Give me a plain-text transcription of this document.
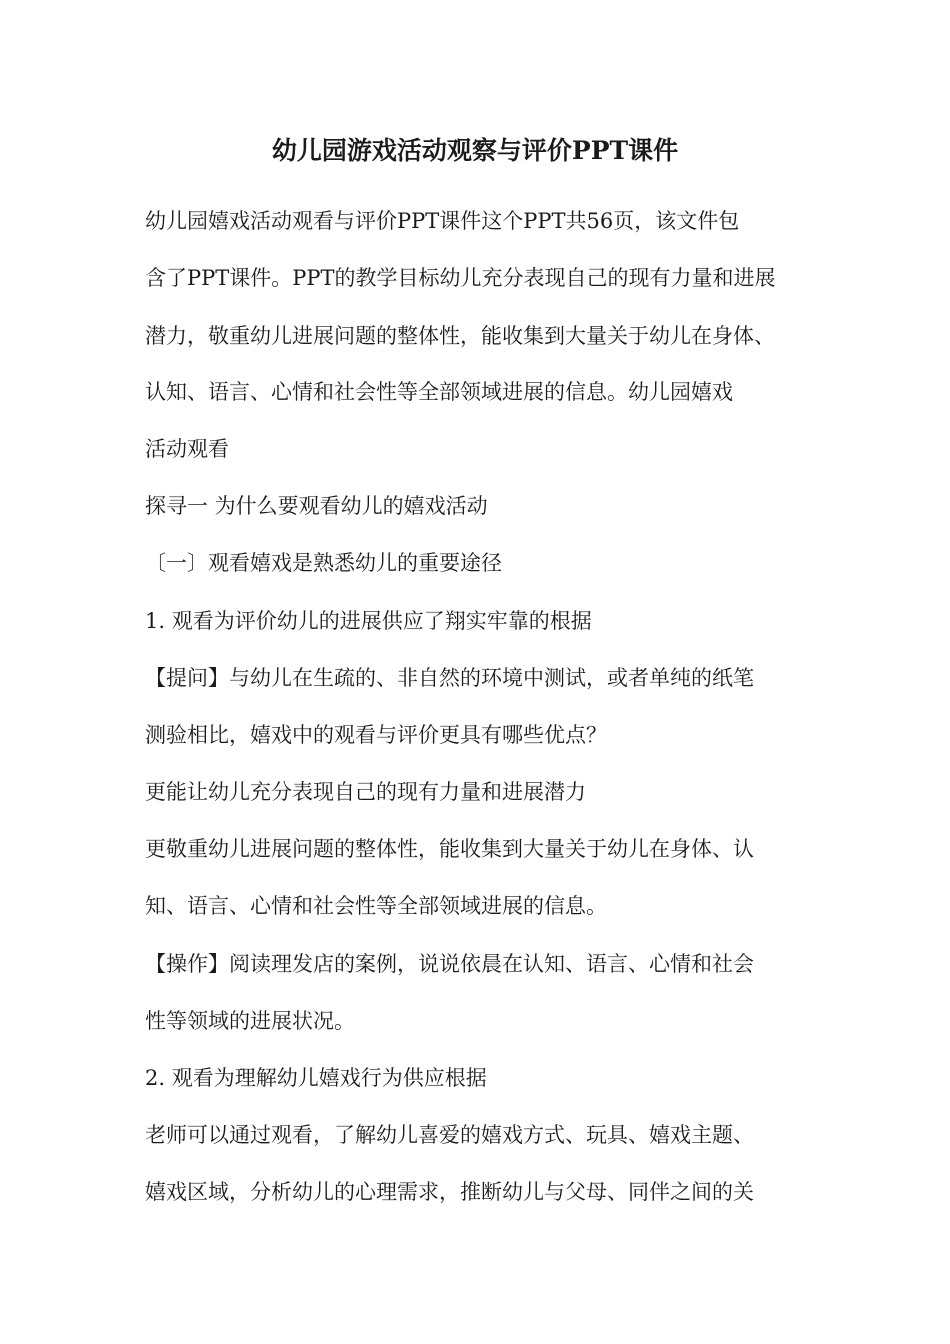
幼儿园游戏活动观察与评价PPT课件
幼儿园嬉戏活动观看与评价PPT课件这个PPT共56页，该文件包
含了PPT课件。PPT的教学目标幼儿充分表现自己的现有力量和进展
潜力，敬重幼儿进展问题的整体性，能收集到大量关于幼儿在身体、
认知、语言、心情和社会性等全部领域进展的信息。幼儿园嬉戏
活动观看
探寻一 为什么要观看幼儿的嬉戏活动
〔一〕观看嬉戏是熟悉幼儿的重要途径
1. 观看为评价幼儿的进展供应了翔实牢靠的根据
【提问】与幼儿在生疏的、非自然的环境中测试，或者单纯的纸笔
测验相比，嬉戏中的观看与评价更具有哪些优点？
更能让幼儿充分表现自己的现有力量和进展潜力
更敬重幼儿进展问题的整体性，能收集到大量关于幼儿在身体、认
知、语言、心情和社会性等全部领域进展的信息。
【操作】阅读理发店的案例，说说依晨在认知、语言、心情和社会
性等领域的进展状况。
2. 观看为理解幼儿嬉戏行为供应根据
老师可以通过观看，了解幼儿喜爱的嬉戏方式、玩具、嬉戏主题、
嬉戏区域，分析幼儿的心理需求，推断幼儿与父母、同伴之间的关
